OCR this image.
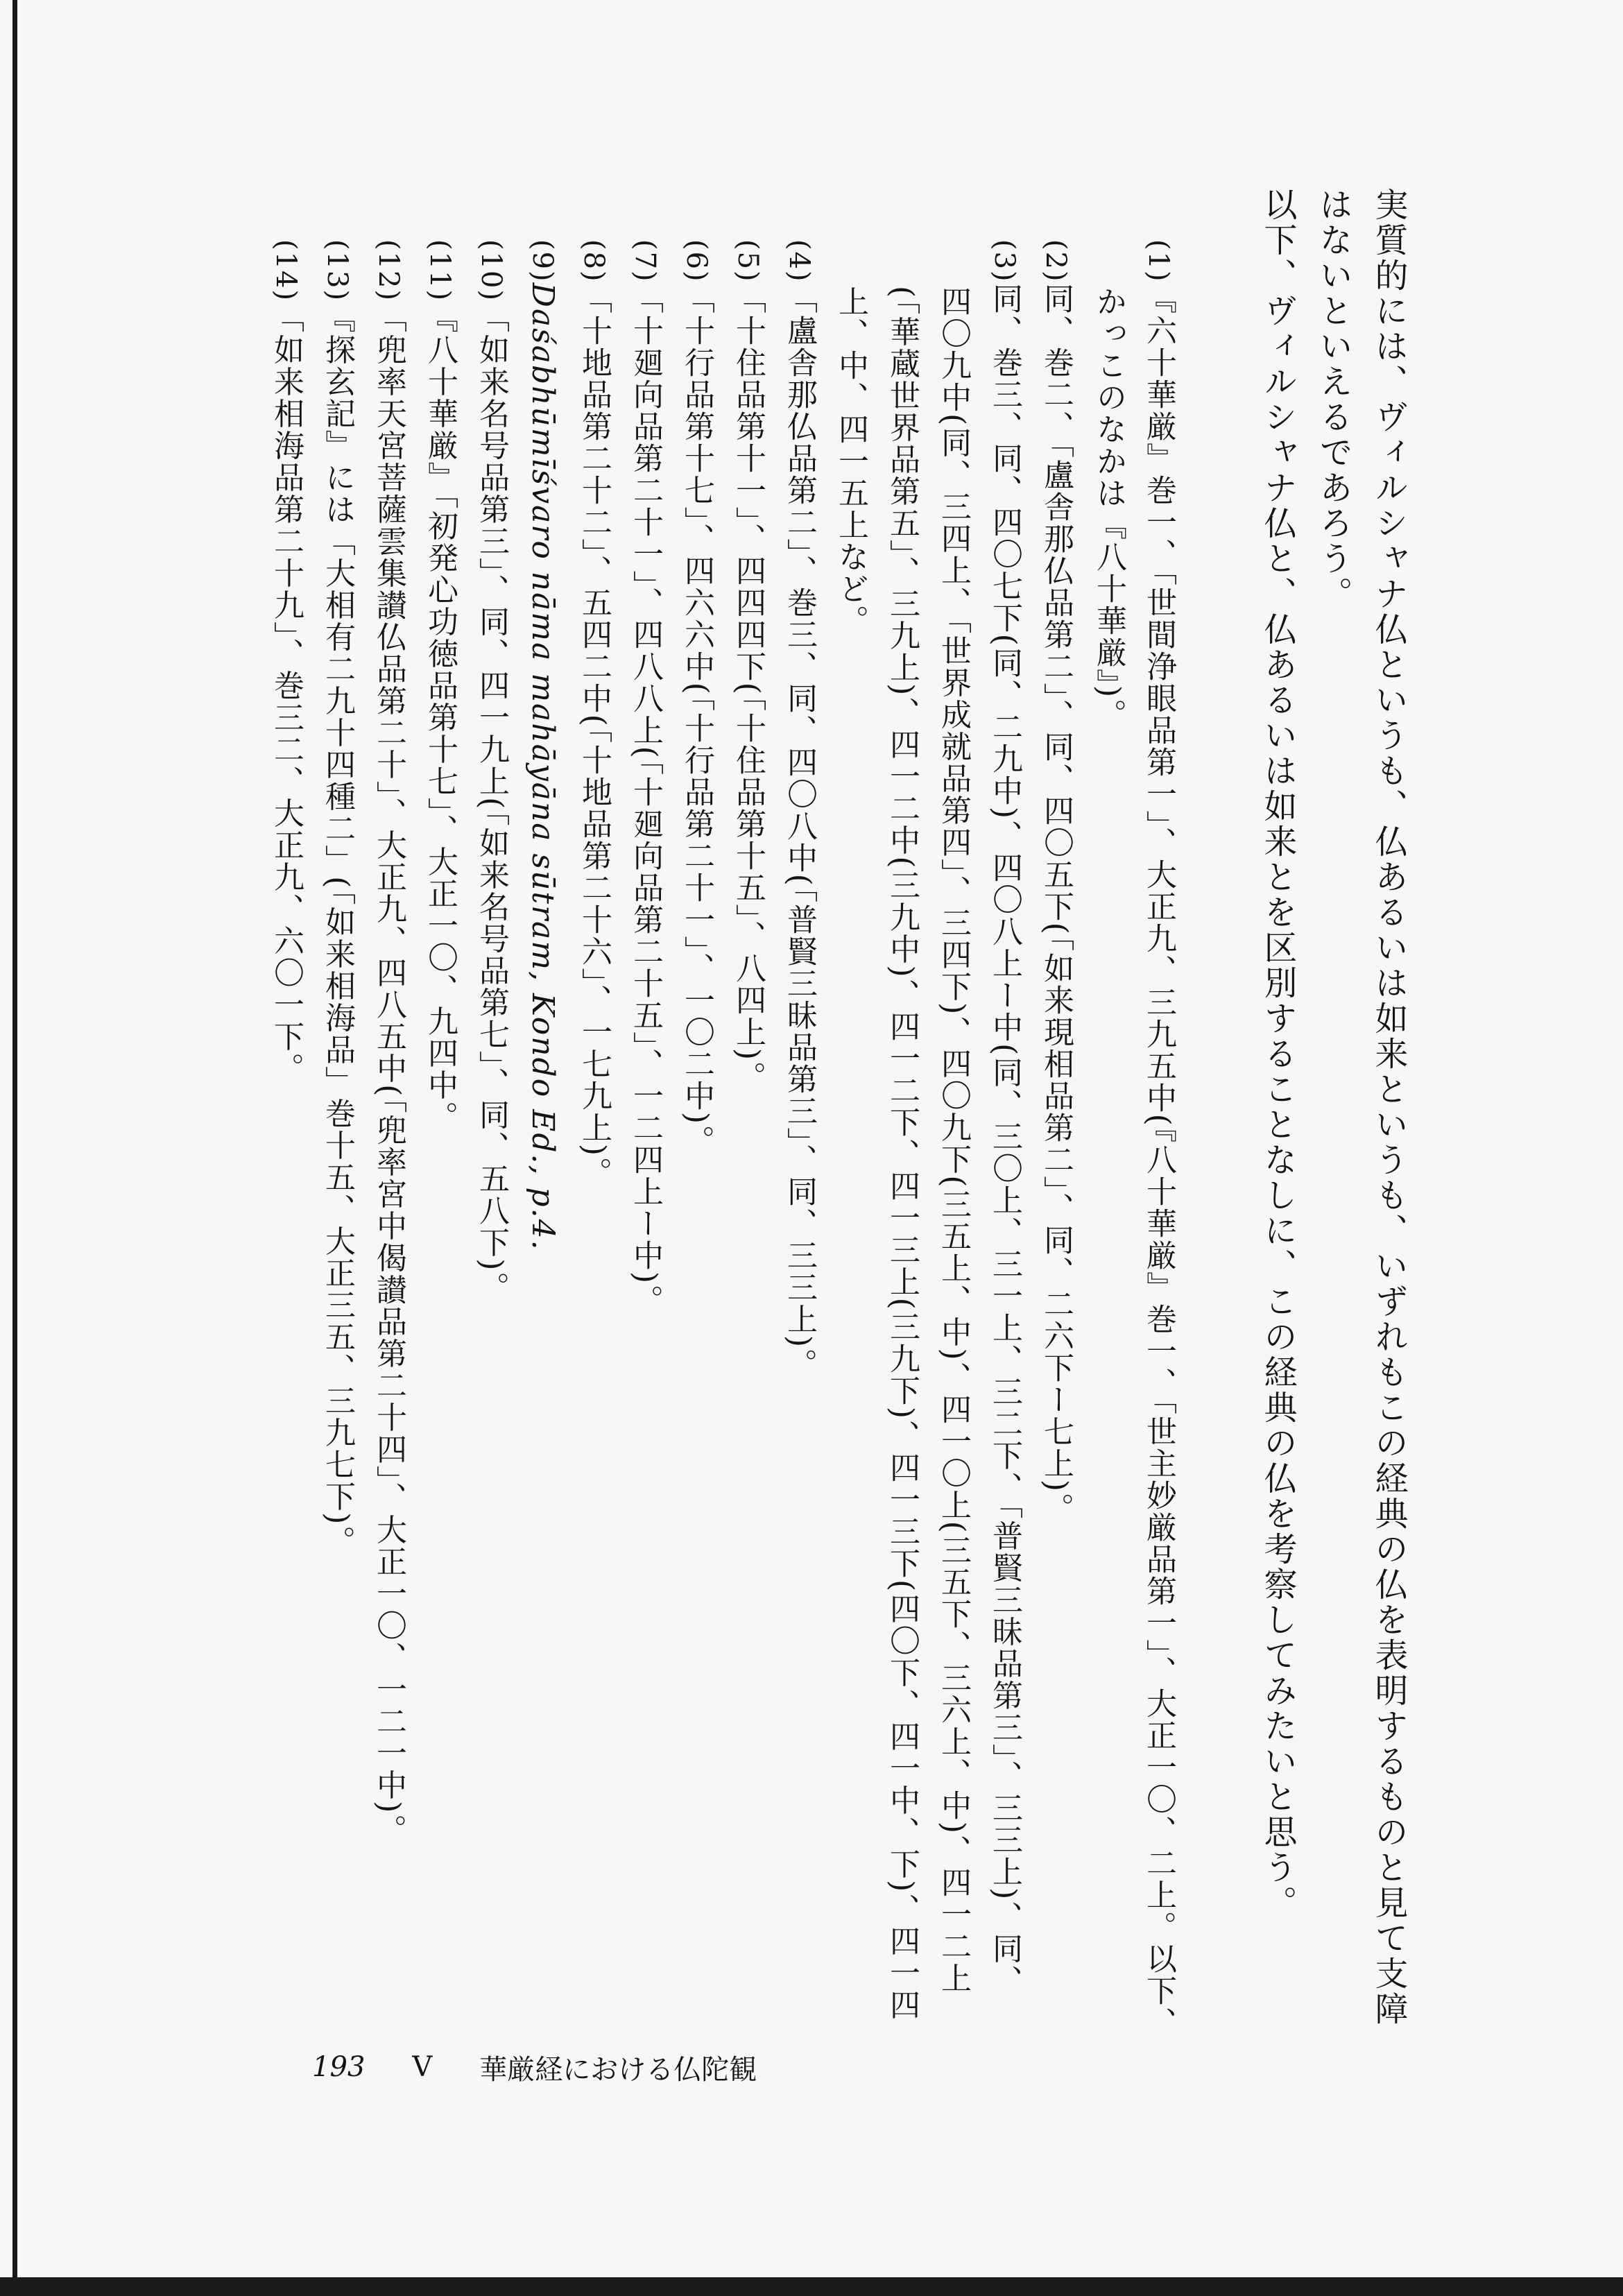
実質的には、ヴィルシャナ仏というも、仏あるいは如来というも、いずれもこの経典の仏を表明するものと見て支障
はないといえるであろう。
以下、ヴィルシャナ仏と、仏あるいは如来とを区別することなしに、この経典の仏を考察してみたいと思う。
(1)『六十華厳』巻一、「世間浄眼品第一」、大正九、三九五中(『八十華厳』巻一、「世主妙厳品第一」、大正一〇、二上。以下、
かっこのなかは『八十華厳』)。
(2)同、巻二、「盧舎那仏品第二」、同、四〇五下(「如来現相品第二」、同、二六下ー七上)。
(3)同、巻三、同、四〇七下(同、二九中)、四〇八上ー中(同、三〇上、三一上、三二下、「普賢三昧品第三」、三三上)、同、
四〇九中(同、三四上、「世界成就品第四」、三四下)、四〇九下(三五上、中)、四一〇上(三五下、三六上、中)、四一二上
(「華蔵世界品第五」、三九上)、四一二中(三九中)、四一二下、四一三上(三九下)、四一三下(四〇下、四一中、下)、四一四
上、中、四一五上など。
(4)「盧舎那仏品第二」、巻三、同、四〇八中(「普賢三昧品第三」、同、三三上)。
(5)「十住品第十一」、四四四下(「十住品第十五」、八四上)。
(6)「十行品第十七」、四六六中(「十行品第二十一」、一〇二中)。
(7)「十廻向品第二十一」、四八八上(「十廻向品第二十五」、一二四上ー中)。
(8)「十地品第二十二」、五四二中(「十地品第二十六」、一七九上)。
(9)Daśabhūmīśvaro nāma mahāyāna sūtram, Kondo Ed., p.4.
(10)「如来名号品第三」、同、四一九上(「如来名号品第七」、同、五八下)。
(11)『八十華厳』「初発心功徳品第十七」、大正一〇、九四中。
(12)「兜率天宮菩薩雲集讃仏品第二十」、大正九、四八五中(「兜率宮中偈讃品第二十四」、大正一〇、一二一中)。
(13)『探玄記』には「大相有二九十四種二」(「如来相海品」巻十五、大正三五、三九七下)。
(14)「如来相海品第二十九」、巻三二、大正九、六〇一下。
193 V 華厳経における仏陀観
